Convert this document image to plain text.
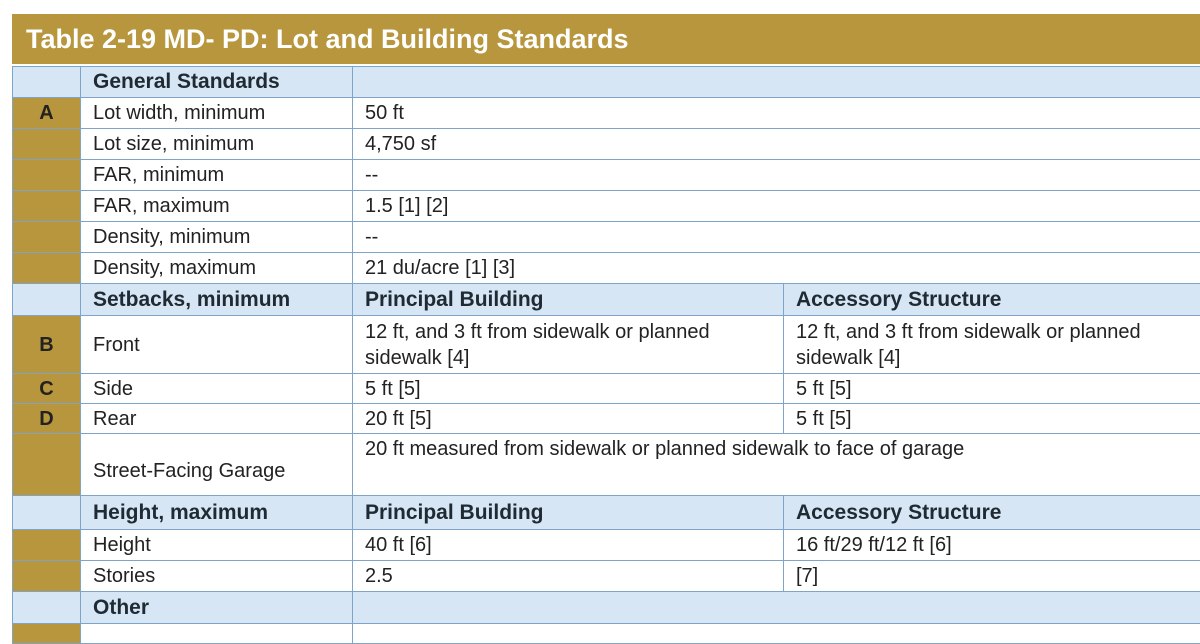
Table 2-19 MD- PD: Lot and Building Standards
	General Standards		
A	Lot width, minimum	50 ft	
	Lot size, minimum	4,750 sf	
	FAR, minimum	--	
	FAR, maximum	1.5 [1] [2]	
	Density, minimum	--	
	Density, maximum	21 du/acre [1] [3]	
	Setbacks, minimum	Principal Building	Accessory Structure
B	Front	12 ft, and 3 ft from sidewalk or planned sidewalk [4]	12 ft, and 3 ft from sidewalk or planned sidewalk [4]
C	Side	5 ft [5]	5 ft [5]
D	Rear	20 ft [5]	5 ft [5]
	Street-Facing Garage	20 ft measured from sidewalk or planned sidewalk to face of garage	
	Height, maximum	Principal Building	Accessory Structure
	Height	40 ft [6]	16 ft/29 ft/12 ft [6]
	Stories	2.5	[7]
	Other		
